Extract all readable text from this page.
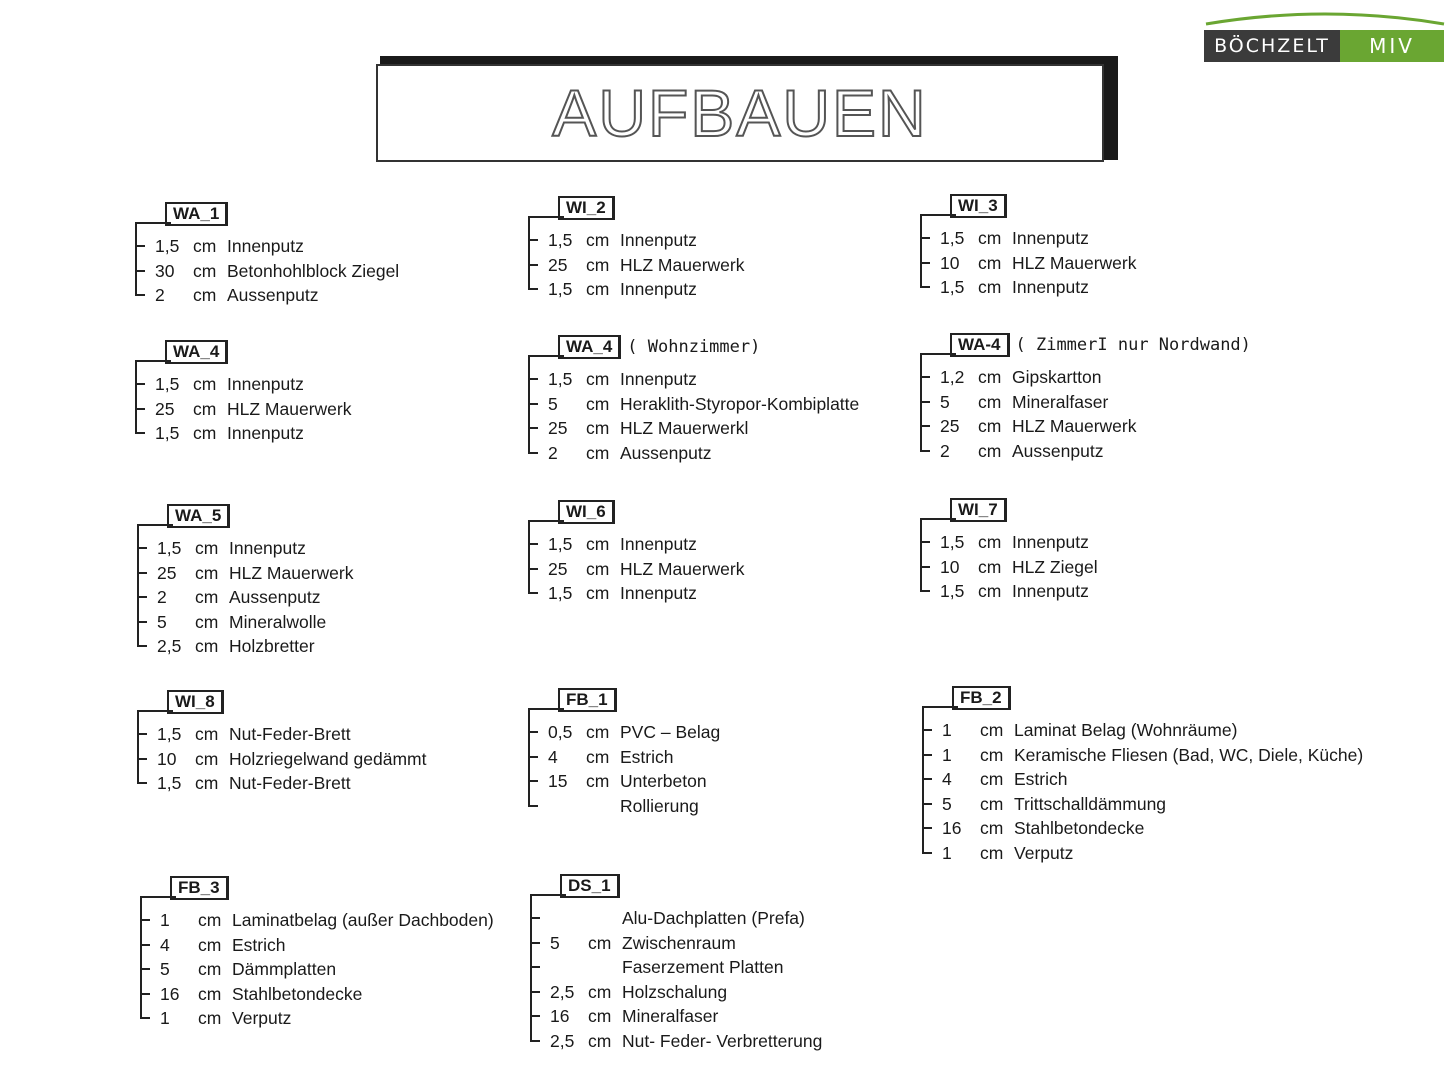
BÖCHZELT	MIV
AUFBAUEN
WA_1
1,5 cm Innenputz
30 cm Betonhohlblock Ziegel
2 cm Aussenputz
WI_2
1,5 cm Innenputz
25 cm HLZ Mauerwerk
1,5 cm Innenputz
WI_3
1,5 cm Innenputz
10 cm HLZ Mauerwerk
1,5 cm Innenputz
WA_4
1,5 cm Innenputz
25 cm HLZ Mauerwerk
1,5 cm Innenputz
WA_4 ( Wohnzimmer)
1,5 cm Innenputz
5 cm Heraklith-Styropor-Kombiplatte
25 cm HLZ Mauerwerkl
2 cm Aussenputz
WA-4 ( ZimmerI nur Nordwand)
1,2 cm Gipskartton
5 cm Mineralfaser
25 cm HLZ Mauerwerk
2 cm Aussenputz
WA_5
1,5 cm Innenputz
25 cm HLZ Mauerwerk
2 cm Aussenputz
5 cm Mineralwolle
2,5 cm Holzbretter
WI_6
1,5 cm Innenputz
25 cm HLZ Mauerwerk
1,5 cm Innenputz
WI_7
1,5 cm Innenputz
10 cm HLZ Ziegel
1,5 cm Innenputz
WI_8
1,5 cm Nut-Feder-Brett
10 cm Holzriegelwand gedämmt
1,5 cm Nut-Feder-Brett
FB_1
0,5 cm PVC – Belag
4 cm Estrich
15 cm Unterbeton
Rollierung
FB_2
1 cm Laminat Belag (Wohnräume)
1 cm Keramische Fliesen (Bad, WC, Diele, Küche)
4 cm Estrich
5 cm Trittschalldämmung
16 cm Stahlbetondecke
1 cm Verputz
FB_3
1 cm Laminatbelag (außer Dachboden)
4 cm Estrich
5 cm Dämmplatten
16 cm Stahlbetondecke
1 cm Verputz
DS_1
Alu-Dachplatten (Prefa)
5 cm Zwischenraum
Faserzement Platten
2,5 cm Holzschalung
16 cm Mineralfaser
2,5 cm Nut- Feder- Verbretterung
